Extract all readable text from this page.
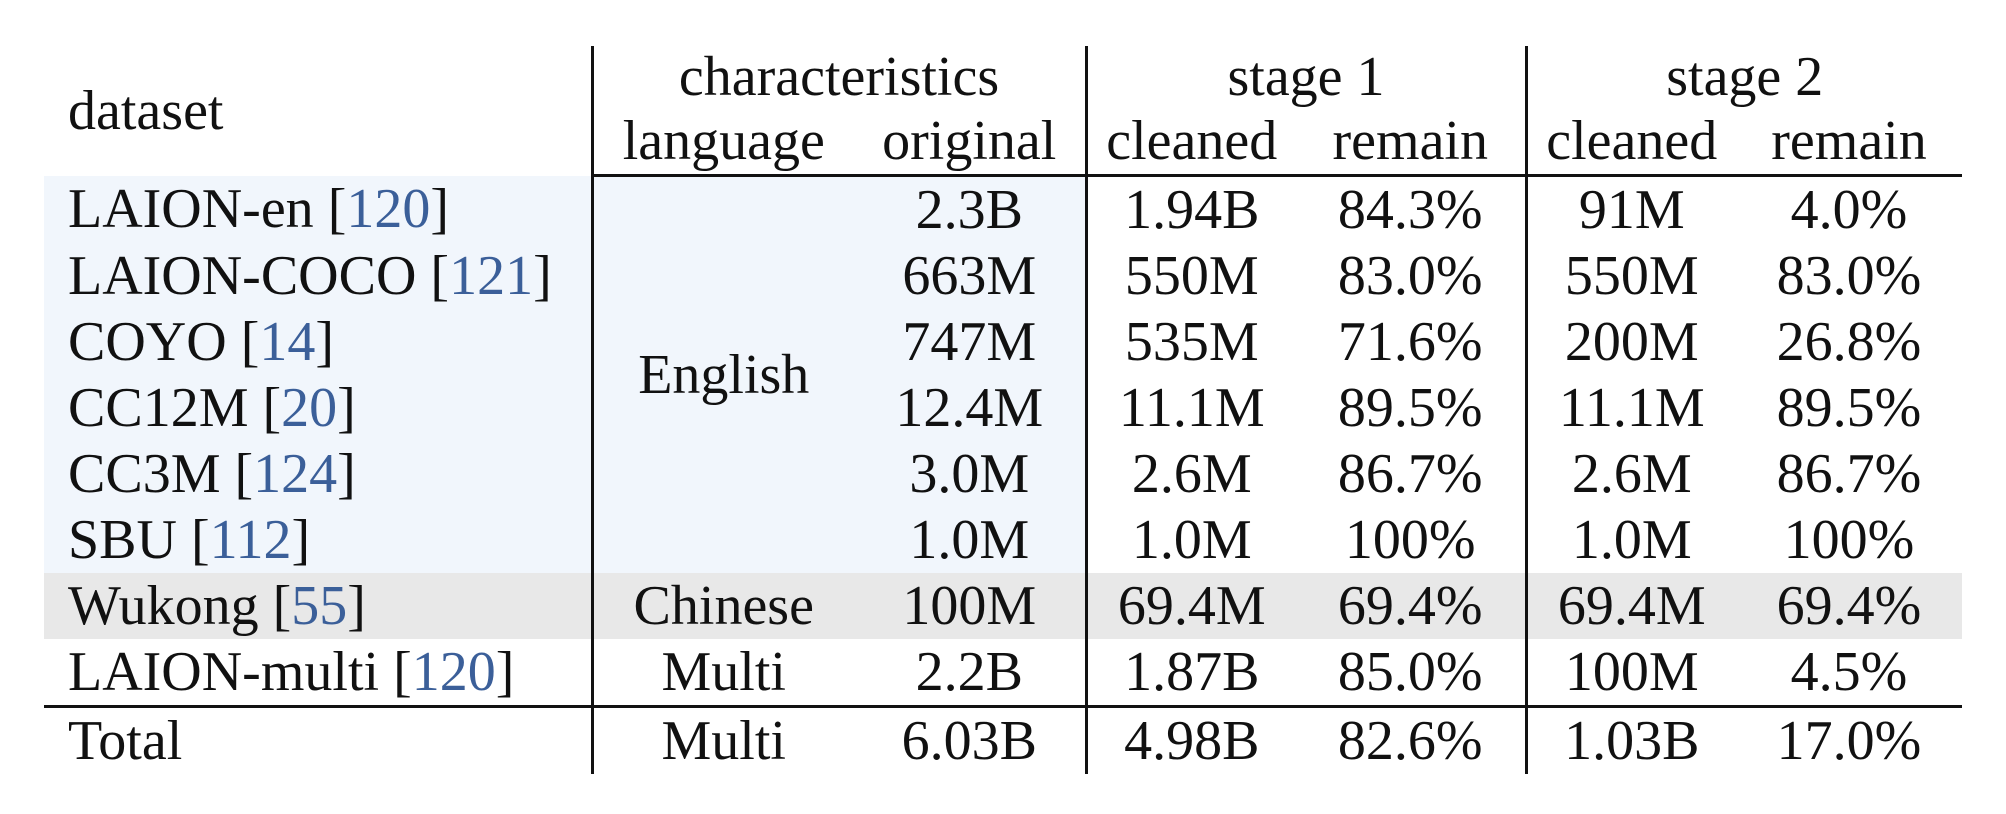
dataset	characteristics		stage 1		stage 2	
	language	original	cleaned	remain	cleaned	remain
LAION-en [120]	English	2.3B	1.94B	84.3%	91M	4.0%
LAION-COCO [121]		663M	550M	83.0%	550M	83.0%
COYO [14]		747M	535M	71.6%	200M	26.8%
CC12M [20]		12.4M	11.1M	89.5%	11.1M	89.5%
CC3M [124]		3.0M	2.6M	86.7%	2.6M	86.7%
SBU [112]		1.0M	1.0M	100%	1.0M	100%
Wukong [55]	Chinese	100M	69.4M	69.4%	69.4M	69.4%
LAION-multi [120]	Multi	2.2B	1.87B	85.0%	100M	4.5%
Total	Multi	6.03B	4.98B	82.6%	1.03B	17.0%
